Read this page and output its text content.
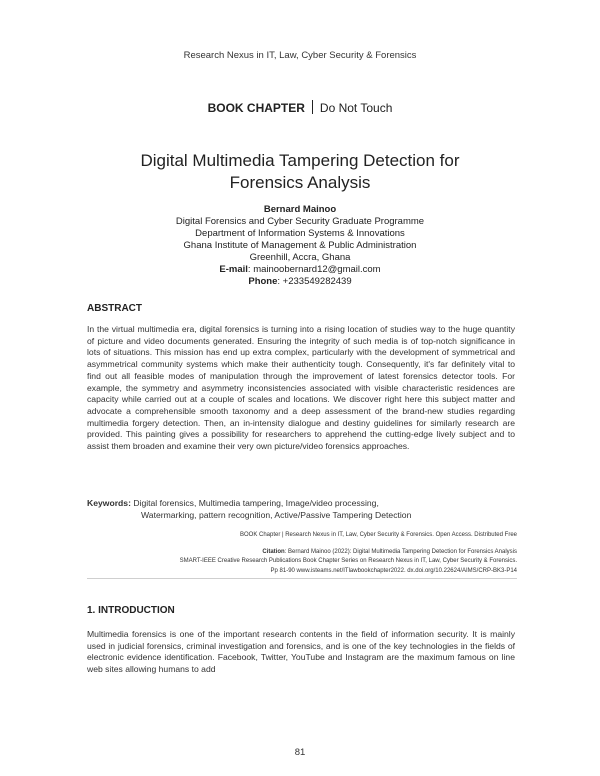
Research Nexus in IT, Law, Cyber Security & Forensics
BOOK CHAPTER Do Not Touch
Digital Multimedia Tampering Detection for
Forensics Analysis
Bernard Mainoo
Digital Forensics and Cyber Security Graduate Programme
Department of Information Systems & Innovations
Ghana Institute of Management & Public Administration
Greenhill, Accra, Ghana
E-mail: mainoobernard12@gmail.com
Phone: +233549282439
ABSTRACT
In the virtual multimedia era, digital forensics is turning into a rising location of studies way to the huge quantity of picture and video documents generated. Ensuring the integrity of such media is of top-notch significance in lots of situations. This mission has end up extra complex, particularly with the development of symmetrical and asymmetrical community systems which make their authenticity tough. Consequently, it's far definitely vital to find out all feasible modes of manipulation through the improvement of latest forensics detector tools. For example, the symmetry and asymmetry inconsistencies associated with visible characteristic residences are capacity while carried out at a couple of scales and locations. We discover right here this subject matter and advocate a comprehensible smooth taxonomy and a deep assessment of the brand-new studies regarding multimedia forgery detection. Then, an in-intensity dialogue and destiny guidelines for similarly research are provided. This painting gives a possibility for researchers to apprehend the cutting-edge lively subject and to assist them broaden and examine their very own picture/video forensics approaches.
Keywords: Digital forensics, Multimedia tampering, Image/video processing,
Watermarking, pattern recognition, Active/Passive Tampering Detection
BOOK Chapter | Research Nexus in IT, Law, Cyber Security & Forensics. Open Access. Distributed Free
Citation: Bernard Mainoo (2022): Digital Multimedia Tampering Detection for Forensics Analysis
SMART-IEEE Creative Research Publications Book Chapter Series on Research Nexus in IT, Law, Cyber Security & Forensics.
Pp 81-90 www.isteams.net/ITlawbookchapter2022. dx.doi.org/10.22624/AIMS/CRP-BK3-P14
1. INTRODUCTION
Multimedia forensics is one of the important research contents in the field of information security. It is mainly used in judicial forensics, criminal investigation and forensics, and is one of the key technologies in the fields of electronic evidence identification. Facebook, Twitter, YouTube and Instagram are the maximum famous on line web sites allowing humans to add
81
